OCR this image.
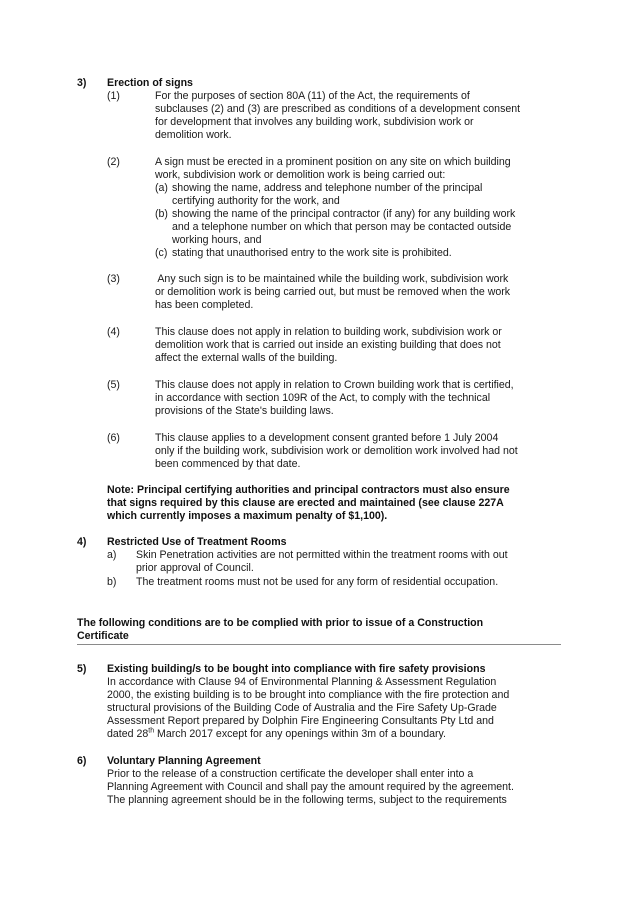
3) Erection of signs

(1)	For the purposes of section 80A (11) of the Act, the requirements of

subclauses (2) and (3) are prescribed as conditions of a development consent

for development that involves any building work, subdivision work or

demolition work.

(2)	A sign must be erected in a prominent position on any site on which building

work, subdivision work or demolition work is being carried out:

(a) showing the name, address and telephone number of the principal

certifying authority for the work, and

(b) showing the name of the principal contractor (if any) for any building work

and a telephone number on which that person may be contacted outside

working hours, and

(c) stating that unauthorised entry to the work site is prohibited.

(3)	Any such sign is to be maintained while the building work, subdivision work

or demolition work is being carried out, but must be removed when the work

has been completed.

(4)	This clause does not apply in relation to building work, subdivision work or

demolition work that is carried out inside an existing building that does not

affect the external walls of the building.

(5)	This clause does not apply in relation to Crown building work that is certified,

in accordance with section 109R of the Act, to comply with the technical

provisions of the State's building laws.

(6)	This clause applies to a development consent granted before 1 July 2004

only if the building work, subdivision work or demolition work involved had not

been commenced by that date.

Note: Principal certifying authorities and principal contractors must also ensure

that signs required by this clause are erected and maintained (see clause 227A

which currently imposes a maximum penalty of $1,100).

4) Restricted Use of Treatment Rooms

a) Skin Penetration activities are not permitted within the treatment rooms with out

prior approval of Council.

b) The treatment rooms must not be used for any form of residential occupation.

The following conditions are to be complied with prior to issue of a Construction

Certificate

5) Existing building/s to be bought into compliance with fire safety provisions

In accordance with Clause 94 of Environmental Planning & Assessment Regulation

2000, the existing building is to be brought into compliance with the fire protection and

structural provisions of the Building Code of Australia and the Fire Safety Up-Grade

Assessment Report prepared by Dolphin Fire Engineering Consultants Pty Ltd and

dated 28th March 2017 except for any openings within 3m of a boundary.

6) Voluntary Planning Agreement

Prior to the release of a construction certificate the developer shall enter into a

Planning Agreement with Council and shall pay the amount required by the agreement.

The planning agreement should be in the following terms, subject to the requirements
